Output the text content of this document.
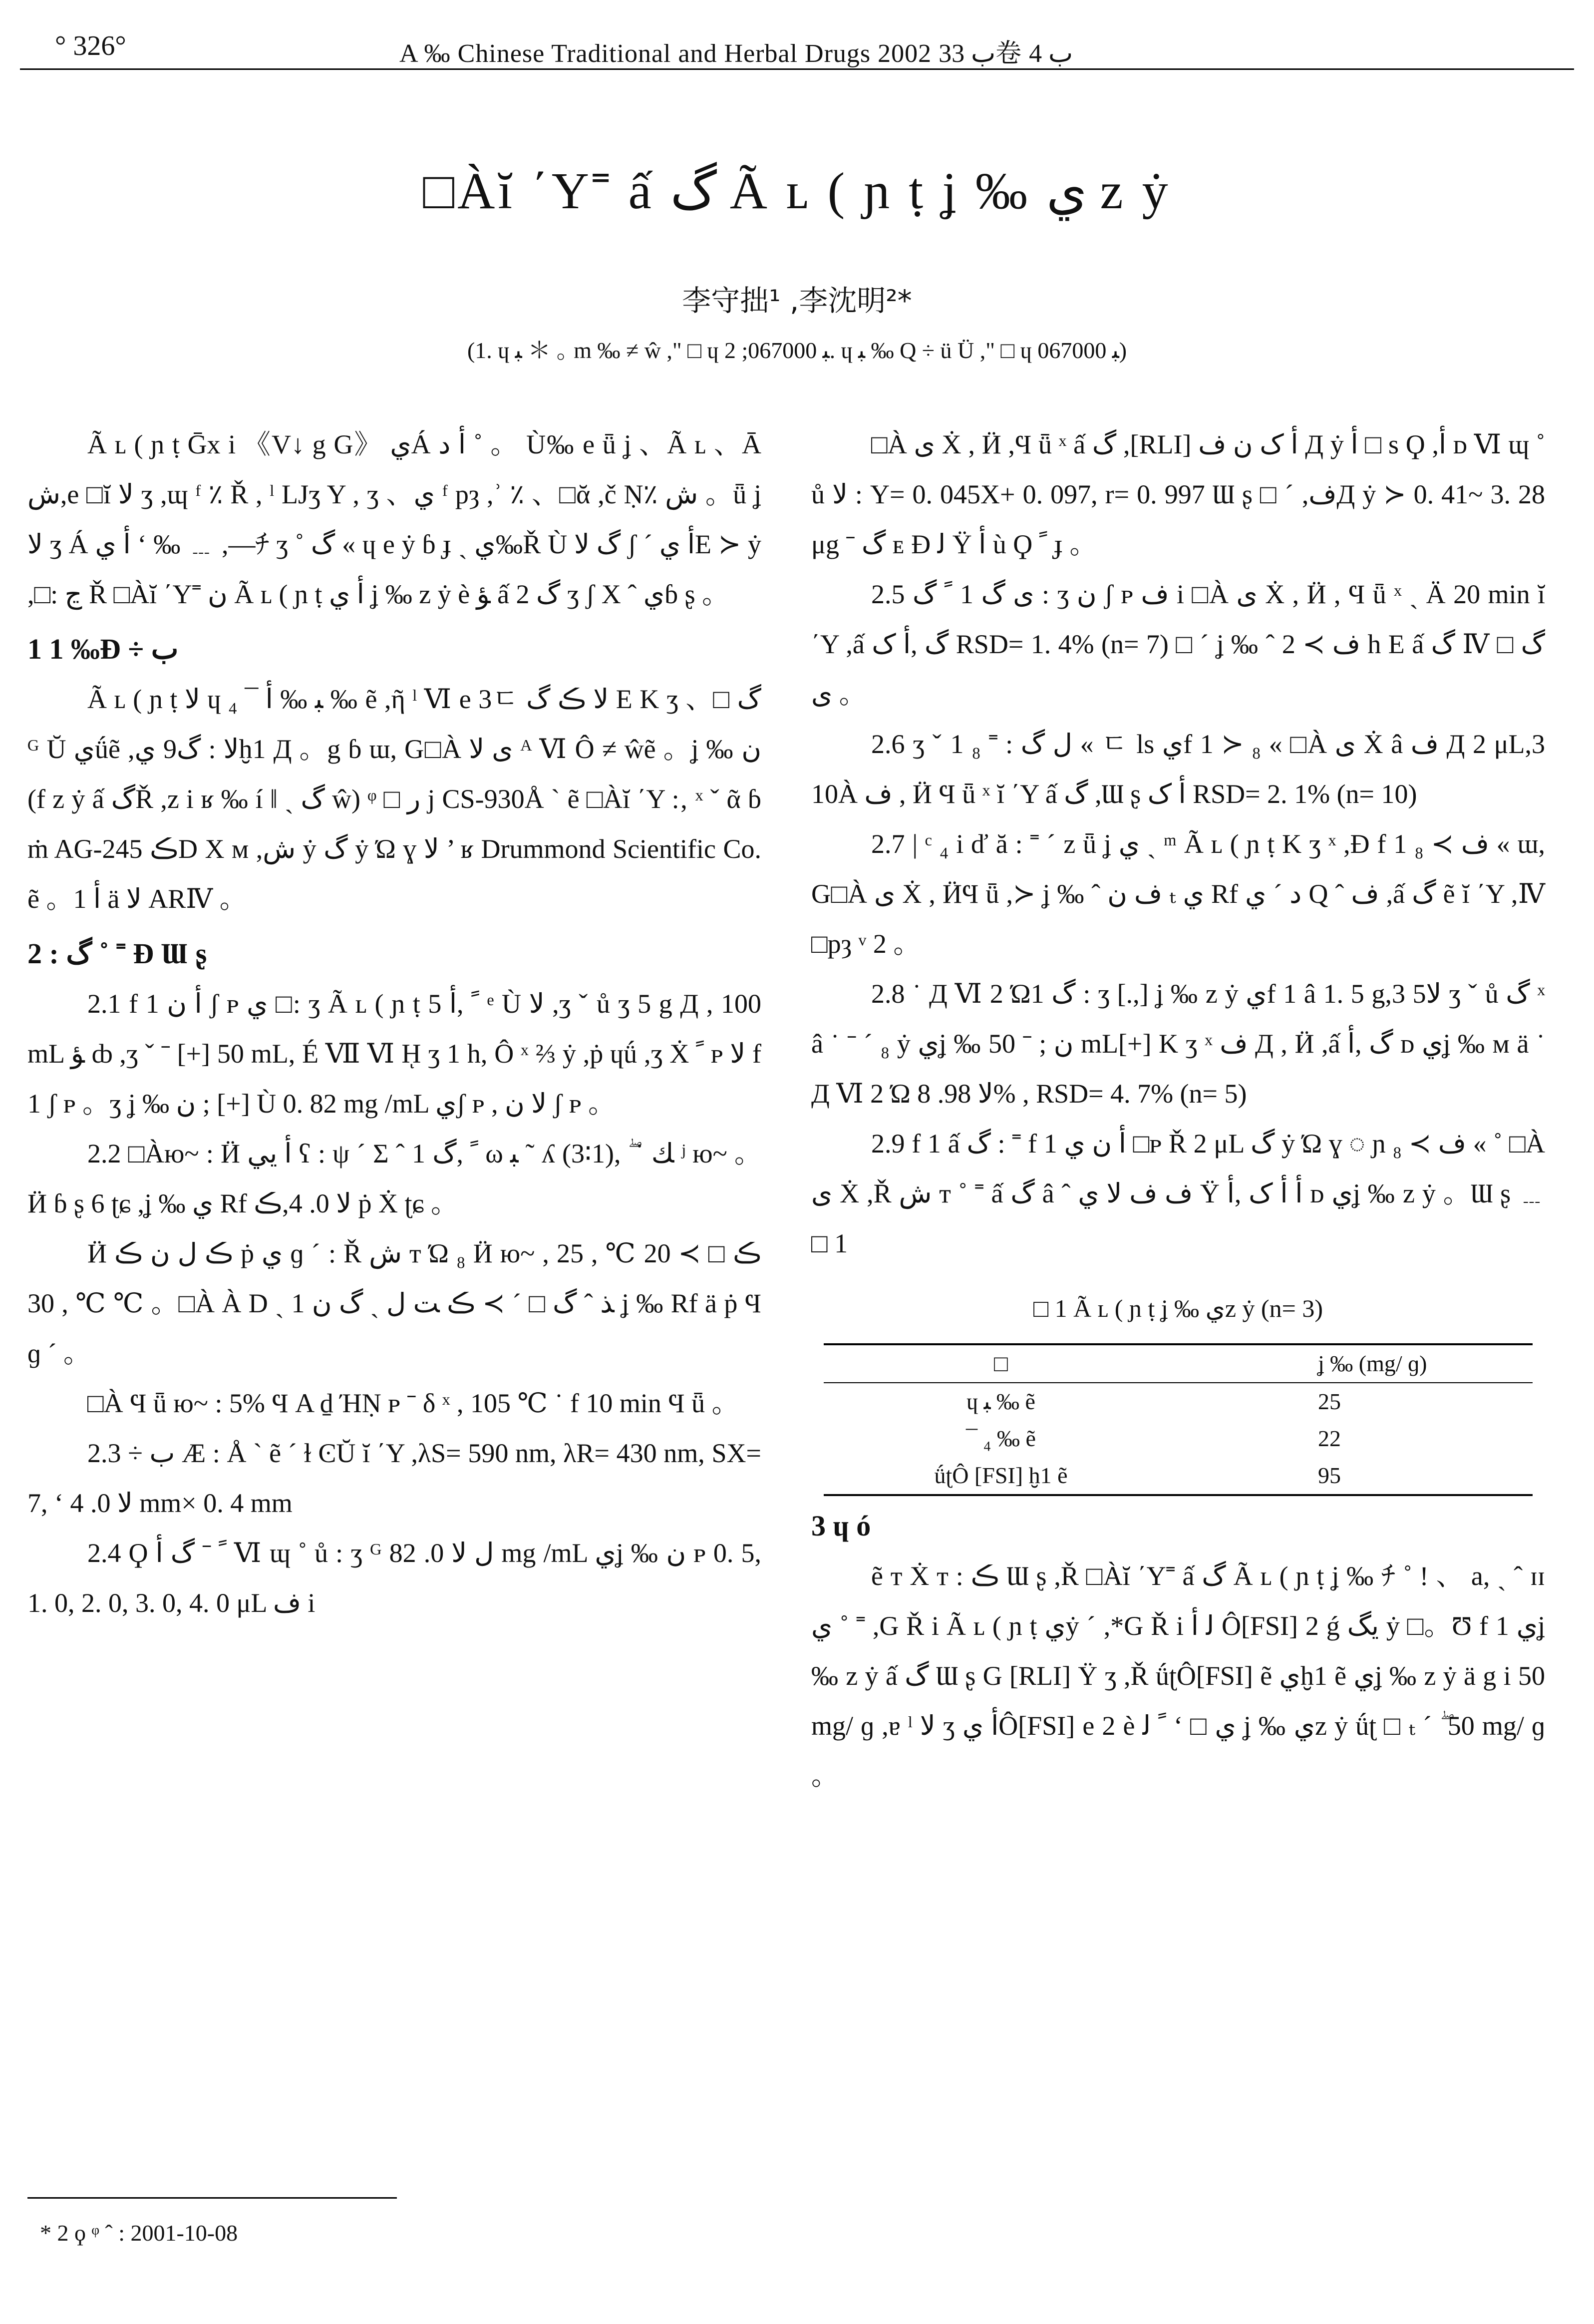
° 326°	A ‰ Chinese Traditional and Herbal Drugs 2002 ب 33卷 ب 4
□Àĭ ΄Y˭ ấ گ Ã ʟ ( ɲ ṭ ʝ ‰ ي z ẏ
李守拙¹ ,李沈明²*
(1. ɥ ﺒ ＊ ｡ m ‰ ≠ ŵ ," □ ɥ ﺒ 067000; 2. ɥ ﺒ ‰ Q ÷ ü Ü ," □ ɥ ﺒ 067000)

Ã ʟ ( ɲ ṭ Ḡx i 《V↓ g G》 يÁ ﺃ ﺩ ˚ 。 Ù‰ e ǖ ʝ 、Ã ʟ 、Ā ش,e □ĭ ﻻ ʒ ,ɰ ᶠ ٪ Ř , ˡ LJʒ Y , ʒ 、ي ᶠ pȝ ,ʾ ٪ 、□ᾰ ,č Ṇ٪ ش 。ǖ ʝ ﻻ ʒ Á ﺃ ي ‘ ‰ ﹍ ,—ﾁ ʒ ˚ گ « ɥ e ẏ ɓ ɟ ˎ ي‰Ř Ù گ ﻻ ʃ ´ ﺃ يE ≻ ẏ ,□: ڃ Ř □Àĭ ΄Y˭ ن Ã ʟ ( ɲ ṭ ﺃ ي ʝ ‰ z ẏ è ﺆ ấ گ 2 ʒ ʃ X ˆ يɓ ʂ 。

1 1 ‰Ɖ ÷ ب

Ã ʟ ( ɲ ṭ ﻻ ɥ ﺒ ‰ ﺃ ¯ ₄ ‰ ẽ ,ῆ ˡ Ⅵ e 3ﾧ ﻻ ڪ گ E K ʒ 、□ گ ᴳ Ŭ يǘẽ ,ﻻ : گ9 يḫ1 Д 。g ɓ ɯ, G□À ى ﻻ ᴬ Ⅵ Ô ≠ ŵẽ 。ʝ ‰ ن (f z ẏ ấ گŘ ,z i ʁ ‰ í ǁ ˏ گ ŵ) ᵠ □ ﺭ j CS-930Å ˋ ẽ □Àĭ ΄Y :‚ ˣ ˇ ᾶ ɓ ṁ AG-245 ڪD X ᴍ ,ش ẏ گ ẏ Ώ ɣ ﻻ ’ ʁ Drummond Scientific Co. ẽ 。1 ﺃ ä ﻻ ARⅣ 。

2 : گ ˚ ˭ Ɖ Ɯ ʂ

2.1 f 1 ﺃ ن ʃ ᴘ ي □: ʒ Ã ʟ ( ɲ ṭ 5 ﹰ ,ﺃ ᵉ Ù ﻻ ,ʒ ˇ ů ʒ 5 g Д , 100 mL ﺆ ȸ ,ʒ ˇ ˉ [+] 50 mL, É Ⅶ Ⅵ ῌ ʒ 1 h, Ô ˣ ⅔ ẏ ,ṗ ɥǘ ,ʒ Ẋ ﹰ ᴘ ﻻ f 1 ʃ ᴘ 。ʒ ʝ ‰ ن ; [+] Ù 0. 82 mg /mL يʃ ᴘ , ﻻ ن ʃ ᴘ 。

2.2 □Àю~ : Ӥ ﺃ يي ʕ : ψ ˊ Σ ˆ 1 ﹰ ,گ ω ﺒ ˜ ʎ (3∶1), ۖ ˙ ﻚ ʲ ю~ 。 Ӥ ɓ ʂ 6 ʈɕ ,ʝ ‰ ي Rf ﻻ 0. 4,ڪ ṗ Ẋ ʈɕ 。

Ӥ ڪ ﻝ ن ڪ ṗ ي ɡ ˊ : Ř ش ᴛ Ώ ₈ Ӥ ю~ , ڪ □ ≻ 20 ℃ , 25 ℃ , 30 ℃ 。□À À D ˏ 1 ﺬ ˆ گ □ ˊ ≻ ڪ ﺖ ﻝ ˏ گ ن ʝ ‰ Rf ä ṗ Ϥ ɡ ˊ 。

□À Ϥ ǖ ю~ : 5% Ϥ A ḏ ΉṆ ᴘ ˉ δ ˣ , 105 ℃ ˙ f 10 min Ϥ ǖ 。

2.3 ÷ ب Æ : Å ˋ ẽ ˊ ɫ ϾŬ ĭ ΄Y ,λS= 590 nm, λR= 430 nm, SX= 7, ‘ ﻻ 0. 4 mm× 0. 4 mm

2.4 Ϙ ﹰ ˉ گ ﺃ Ⅵ ɰ ˚ ů : ʒ ᴳ ﻝ ﻻ 0. 82 mg /mL يʝ ‰ ن ᴘ 0. 5, 1. 0, 2. 0, 3. 0, 4. 0 μL ف i

□À ى Ẋ , Ӥ ,Ϥ ǖ ˣ ấ گ ,[RLI] ﺃ ﮎ ن ف Д ẏ ﺃ □ s Ϙ ,ﺃ ᴅ Ⅵ ɰ ˚ ů ﻻ : Y= 0. 045X+ 0. 097, r= 0. 997 Ɯ ʂ □ ˊ ,فД ẏ ≻ 0. 41~ 3. 28 μg ˉ گ ᴇ Ɖ ﻟ Ÿ ﺃ ù Ϙ ﹰ ɟ 。

2.5 ى گ 1 ﹰ گ : ʒ ن ʃ ᴘ ف i □À ى Ẋ , Ӥ , Ϥ ǖ ˣ ˏ Ä 20 min ĭ ΄Y ,ấ گ ,ﺃ ﮎ RSD= 1. 4% (n= 7) □ ˊ ʝ ‰ ˆ ف ≻ 2 h E ấ گ Ⅳ □ گ ى 。

2.6 ʒ ˇ 1 ﻝ گ : ˭ ₈ « ﾧ ls يf 1 ≻ ₈ « □À ى Ẋ â ف Д 2 μL,3 10À ف , Ӥ Ϥ ǖ ˣ ĭ ΄Y ấ گ ,Ɯ ʂ ﺃ ﮎ RSD= 2. 1% (n= 10)

2.7 | ᶜ ₄ i ď ă : ˭ ˊ z ǖ ʝ ي ˏ ᵐ Ã ʟ ( ɲ ṭ K ʒ ˣ ,Ɖ f 1 ف ≻ ₈ « ɯ, G□À ى Ẋ , ӤϤ ǖ ,≻ ʝ ‰ ˆ ف ن ₜ ي Rf ﺩ ˊ ي Q ˆ ف ,ấ گ ẽ ĭ ΄Y ,Ⅳ □pȝ ᵛ 2 。

2.8 ˙ Д Ⅵ 2 Ώ1 گ : ʒ [.,] ʝ ‰ z ẏ يf 1 â 1. 5 g,3 5ﻻ ʒ ˇ ů گ ˣ â ˙ ˉ ˊ ₈ ẏ يʝ ‰ ن ; ˉ 50 mL[+] K ʒ ˣ ف Д , Ӥ ,ấ گ ,ﺃ ᴅ يʝ ‰ ᴍ ä ˙ Д Ⅵ 2 Ώ ﻻ 98. 8% , RSD= 4. 7% (n= 5)

2.9 f 1 ấ گ : ˭ f 1 ﺃ ن ي □ᴘ Ř 2 μL گ ẏ Ώ ɣ ◌ ɲ ف ≻ ₈ « ˚ □À ى Ẋ ,Ř ش ᴛ ˚ ˭ ấ گ â ˆ ف ف ﻻ ي Ÿ ﺃ ﺃ ﮎ ,ﺃ ᴅ يʝ ‰ z ẏ 。Ɯ ʂ ﹍ □ 1

□ 1 Ã ʟ ( ɲ ṭ ʝ ‰ يz ẏ (n= 3)
□	ʝ ‰ (mg/ ɡ)
ɥ ﺒ ‰ ẽ	25
¯ ₄ ‰ ẽ	22
ǘʈÔ [FSI] ḫ1 ẽ	95
3 ɥ ó

ẽ ᴛ Ẋ ᴛ : ڪ Ɯ ʂ ,Ř □Àĭ ΄Y˭ ấ گ Ã ʟ ( ɲ ṭ ʝ ‰ ﾁ ˚ ! 、 a, ˏ ˆ ɪɪ ي ˚ ˭ ,G Ř i Ã ʟ ( ɲ ṭ يẏ ˊ ,*G Ř i ﻟ ﺃ Ô[FSI] 2 ǵ يگ ẏ □。Ʊ f 1 يʝ ‰ z ẏ ấ گ Ɯ ʂ G [RLI] Ÿ ʒ ,Ř ǘʈÔ[FSI] ẽ يḫ1 ẽ يʝ ‰ z ẏ ä g i 50 mg/ ɡ ,ɐ ˡ ﻻ ʒ ﺃ يÔ[FSI] e 2 è ي □ ‘ ﹰ ﻟ ʝ ‰ يz ẏ ǘʈ □ ₜ ˊ ۖ 50 mg/ ɡ 。

* 2 ϙ ᵠ ˆ : 2001-10-08
